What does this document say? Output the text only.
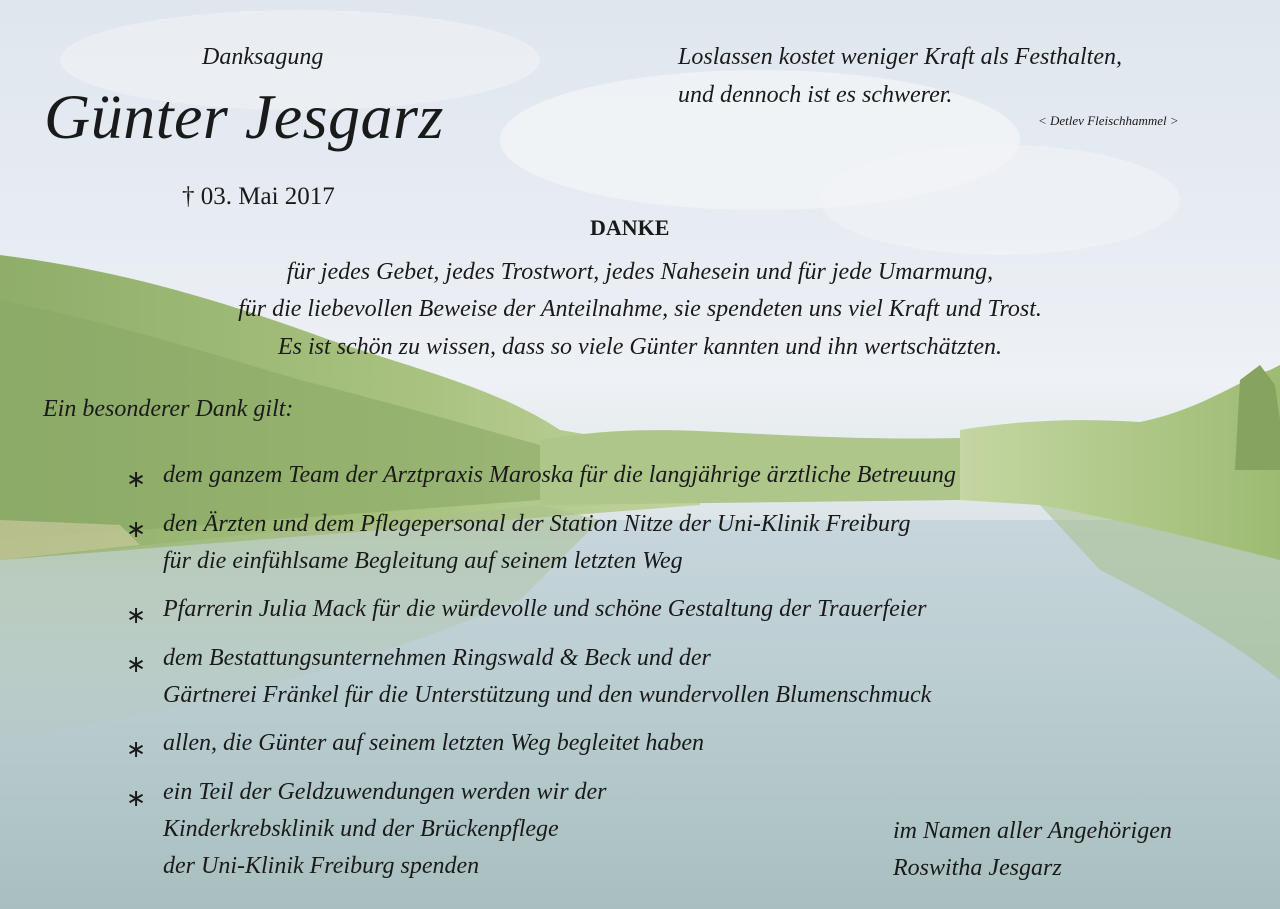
Danksagung
Günter Jesgarz
† 03. Mai 2017
Loslassen kostet weniger Kraft als Festhalten,
und dennoch ist es schwerer.
< Detlev Fleischhammel >
DANKE
für jedes Gebet, jedes Trostwort, jedes Nahesein und für jede Umarmung,
für die liebevollen Beweise der Anteilnahme, sie spendeten uns viel Kraft und Trost.
Es ist schön zu wissen, dass so viele Günter kannten und ihn wertschätzten.
Ein besonderer Dank gilt:
∗ dem ganzem Team der Arztpraxis Maroska für die langjährige ärztliche Betreuung
∗ den Ärzten und dem Pflegepersonal der Station Nitze der Uni-Klinik Freiburg
für die einfühlsame Begleitung auf seinem letzten Weg
∗ Pfarrerin Julia Mack für die würdevolle und schöne Gestaltung der Trauerfeier
∗ dem Bestattungsunternehmen Ringswald & Beck und der
Gärtnerei Fränkel für die Unterstützung und den wundervollen Blumenschmuck
∗ allen, die Günter auf seinem letzten Weg begleitet haben
∗ ein Teil der Geldzuwendungen werden wir der
Kinderkrebsklinik und der Brückenpflege
der Uni-Klinik Freiburg spenden
im Namen aller Angehörigen
Roswitha Jesgarz
